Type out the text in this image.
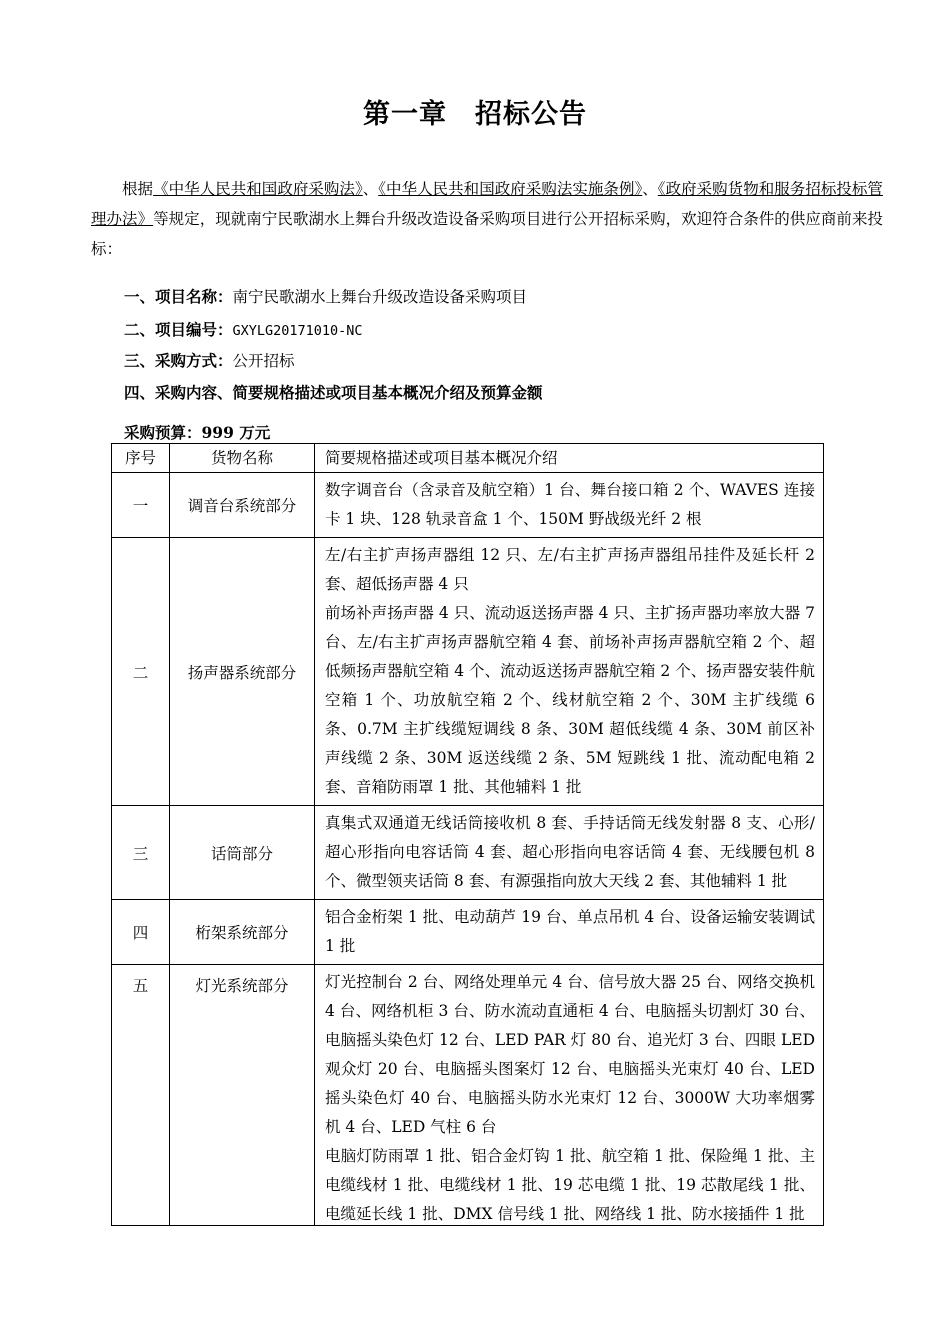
第一章　招标公告
根据《中华人民共和国政府采购法》、《中华人民共和国政府采购法实施条例》、《政府采购货物和服务招标投标管理办法》等规定，现就南宁民歌湖水上舞台升级改造设备采购项目进行公开招标采购，欢迎符合条件的供应商前来投标：
一、项目名称：南宁民歌湖水上舞台升级改造设备采购项目
二、项目编号：GXYLG20171010-NC
三、采购方式：公开招标
四、采购内容、简要规格描述或项目基本概况介绍及预算金额
采购预算：999 万元
序号	货物名称	简要规格描述或项目基本概况介绍
一	调音台系统部分	数字调音台（含录音及航空箱）1 台、舞台接口箱 2 个、WAVES 连接卡 1 块、128 轨录音盒 1 个、150M 野战级光纤 2 根

二	扬声器系统部分	左/右主扩声扬声器组 12 只、左/右主扩声扬声器组吊挂件及延长杆 2 套、超低扬声器 4 只
前场补声扬声器 4 只、流动返送扬声器 4 只、主扩扬声器功率放大器 7 台、左/右主扩声扬声器航空箱 4 套、前场补声扬声器航空箱 2 个、超低频扬声器航空箱 4 个、流动返送扬声器航空箱 2 个、扬声器安装件航空箱 1 个、功放航空箱 2 个、线材航空箱 2 个、30M 主扩线缆 6 条、0.7M 主扩线缆短调线 8 条、30M 超低线缆 4 条、30M 前区补声线缆 2 条、30M 返送线缆 2 条、5M 短跳线 1 批、流动配电箱 2 套、音箱防雨罩 1 批、其他辅料 1 批

三	话筒部分	真集式双通道无线话筒接收机 8 套、手持话筒无线发射器 8 支、心形/超心形指向电容话筒 4 套、超心形指向电容话筒 4 套、无线腰包机 8 个、微型领夹话筒 8 套、有源强指向放大天线 2 套、其他辅料 1 批

四	桁架系统部分	铝合金桁架 1 批、电动葫芦 19 台、单点吊机 4 台、设备运输安装调试 1 批

五	灯光系统部分	灯光控制台 2 台、网络处理单元 4 台、信号放大器 25 台、网络交换机 4 台、网络机柜 3 台、防水流动直通柜 4 台、电脑摇头切割灯 30 台、电脑摇头染色灯 12 台、LED PAR 灯 80 台、追光灯 3 台、四眼 LED 观众灯 20 台、电脑摇头图案灯 12 台、电脑摇头光束灯 40 台、LED 摇头染色灯 40 台、电脑摇头防水光束灯 12 台、3000W 大功率烟雾机 4 台、LED 气柱 6 台
电脑灯防雨罩 1 批、铝合金灯钩 1 批、航空箱 1 批、保险绳 1 批、主电缆线材 1 批、电缆线材 1 批、19 芯电缆 1 批、19 芯散尾线 1 批、电缆延长线 1 批、DMX 信号线 1 批、网络线 1 批、防水接插件 1 批
